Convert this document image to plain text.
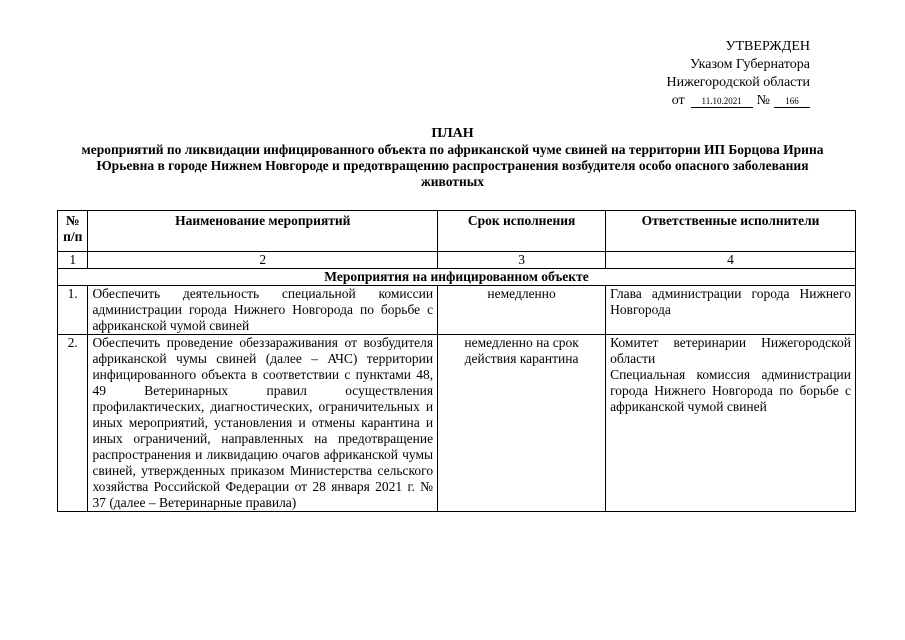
УТВЕРЖДЕН
Указом Губернатора
Нижегородской области
от 11.10.2021 № 166
ПЛАН
мероприятий по ликвидации инфицированного объекта по африканской чуме свиней на территории ИП Борцова Ирина Юрьевна в городе Нижнем Новгороде и предотвращению распространения возбудителя особо опасного заболевания животных
№ п/п	Наименование мероприятий	Срок исполнения	Ответственные исполнители
1	2	3	4
Мероприятия на инфицированном объекте			
1.	Обеспечить деятельность специальной комиссии администрации города Нижнего Новгорода по борьбе с африканской чумой свиней	немедленно	Глава администрации города Нижнего Новгорода

2.	Обеспечить проведение обеззараживания от возбудителя африканской чумы свиней (далее – АЧС) территории инфицированного объекта в соответствии с пунктами 48, 49 Ветеринарных правил осуществления профилактических, диагностических, ограничительных и иных мероприятий, установления и отмены карантина и иных ограничений, направленных на предотвращение распространения и ликвидацию очагов африканской чумы свиней, утвержденных приказом Министерства сельского хозяйства Российской Федерации от 28 января 2021 г. № 37 (далее – Ветеринарные правила)	немедленно на срок действия карантина	Комитет ветеринарии Нижегородской области
Специальная комиссия администрации города Нижнего Новгорода по борьбе с африканской чумой свиней
